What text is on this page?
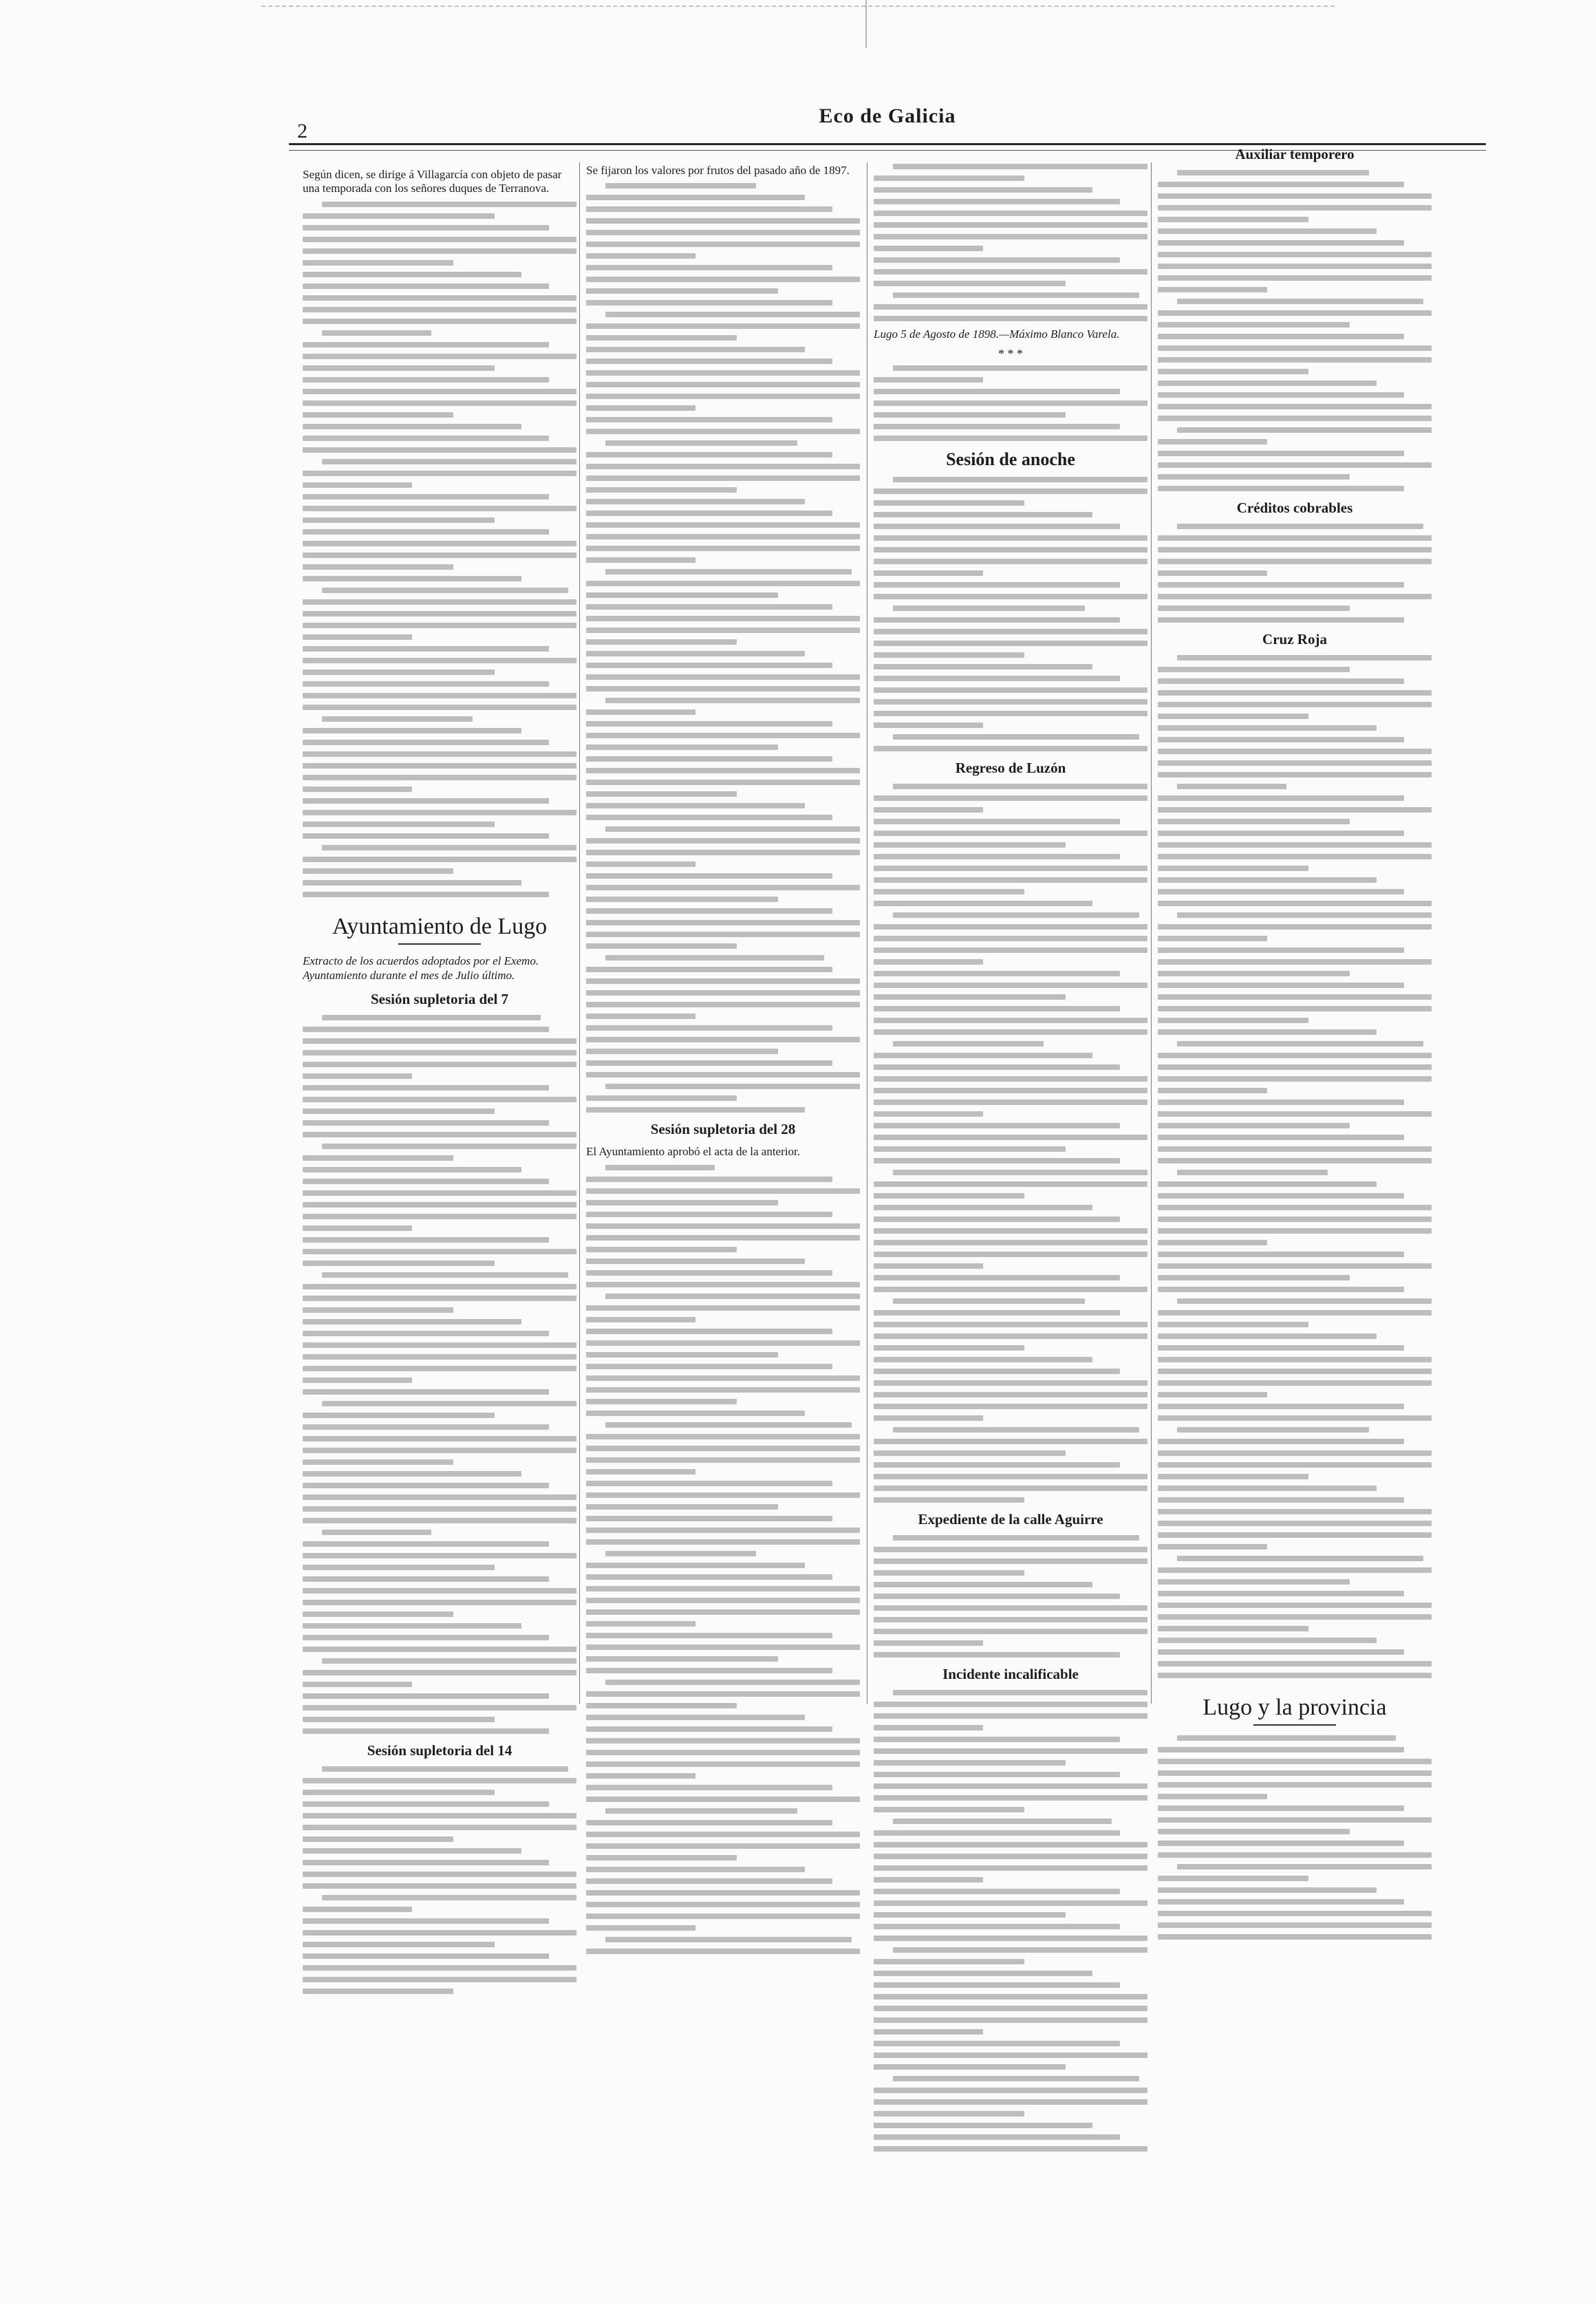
2
Eco de Galicia

Según dicen, se dirige á Villagarcía con objeto de pasar una temporada con los señores duques de Terranova.

Ayuntamiento de Lugo

Extracto de los acuerdos adoptados por el Exemo. Ayuntamiento durante el mes de Julio último.

Sesión supletoria del 7
Sesión supletoria del 14

Se fijaron los valores por frutos del pasado año de 1897.

Sesión supletoria del 28

El Ayuntamiento aprobó el acta de la anterior.

Lugo 5 de Agosto de 1898.—Máximo Blanco Varela.

* * *
Sesión de anoche
Regreso de Luzón
Expediente de la calle Aguirre
Incidente incalificable
Auxiliar temporero
Créditos cobrables
Cruz Roja
Lugo y la provincia
